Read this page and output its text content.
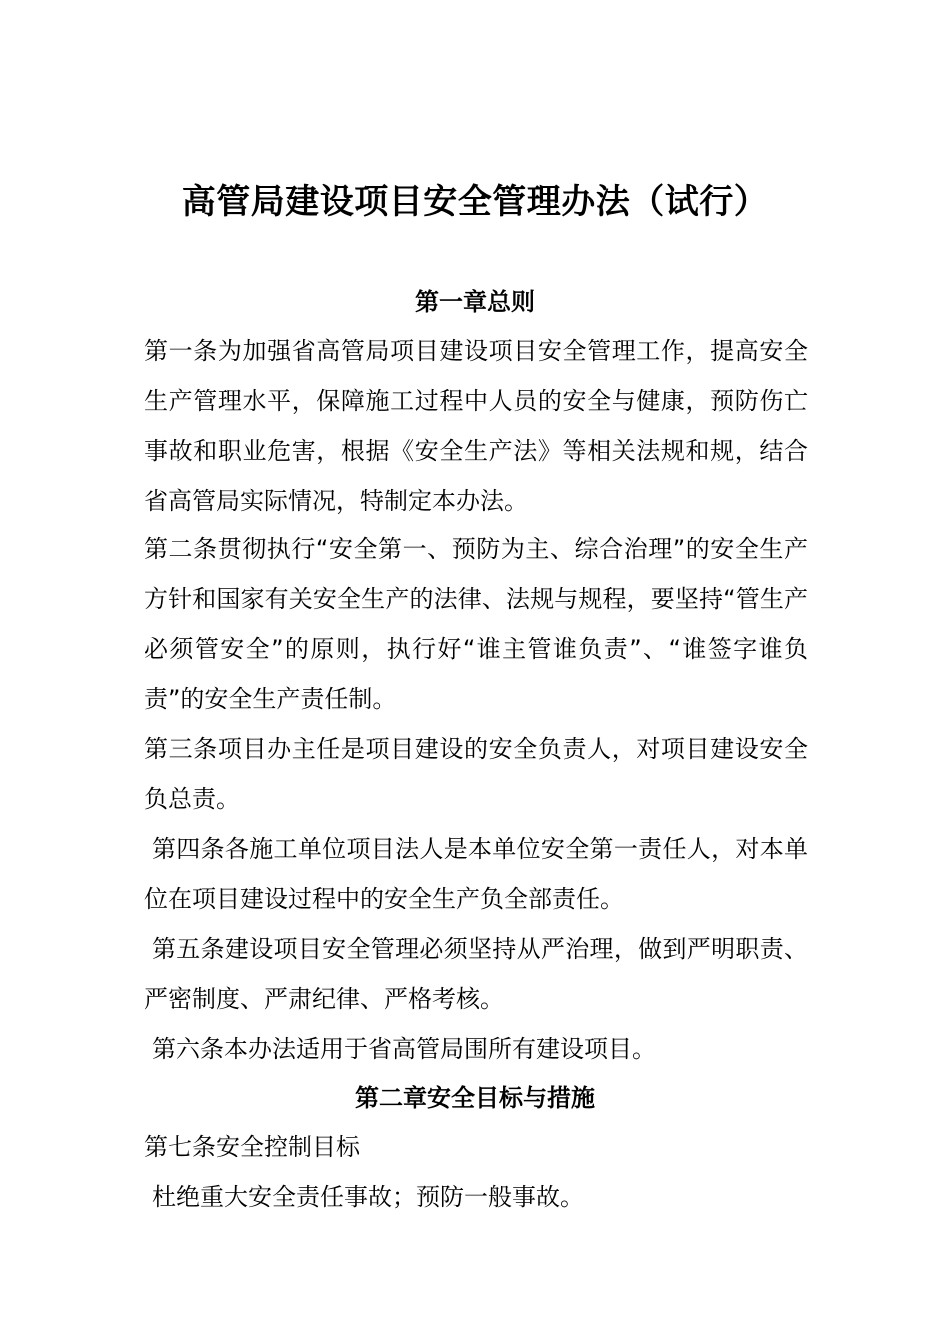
高管局建设项目安全管理办法（试行）
第一章总则

第一条为加强省高管局项目建设项目安全管理工作，提高安全生产管理水平，保障施工过程中人员的安全与健康，预防伤亡事故和职业危害，根据《安全生产法》等相关法规和规，结合省高管局实际情况，特制定本办法。

第二条贯彻执行“安全第一、预防为主、综合治理”的安全生产方针和国家有关安全生产的法律、法规与规程，要坚持“管生产必须管安全”的原则，执行好“谁主管谁负责”、“谁签字谁负责”的安全生产责任制。

第三条项目办主任是项目建设的安全负责人，对项目建设安全负总责。

第四条各施工单位项目法人是本单位安全第一责任人，对本单位在项目建设过程中的安全生产负全部责任。

第五条建设项目安全管理必须坚持从严治理，做到严明职责、严密制度、严肃纪律、严格考核。

第六条本办法适用于省高管局围所有建设项目。

第二章安全目标与措施

第七条安全控制目标

杜绝重大安全责任事故；预防一般事故。
